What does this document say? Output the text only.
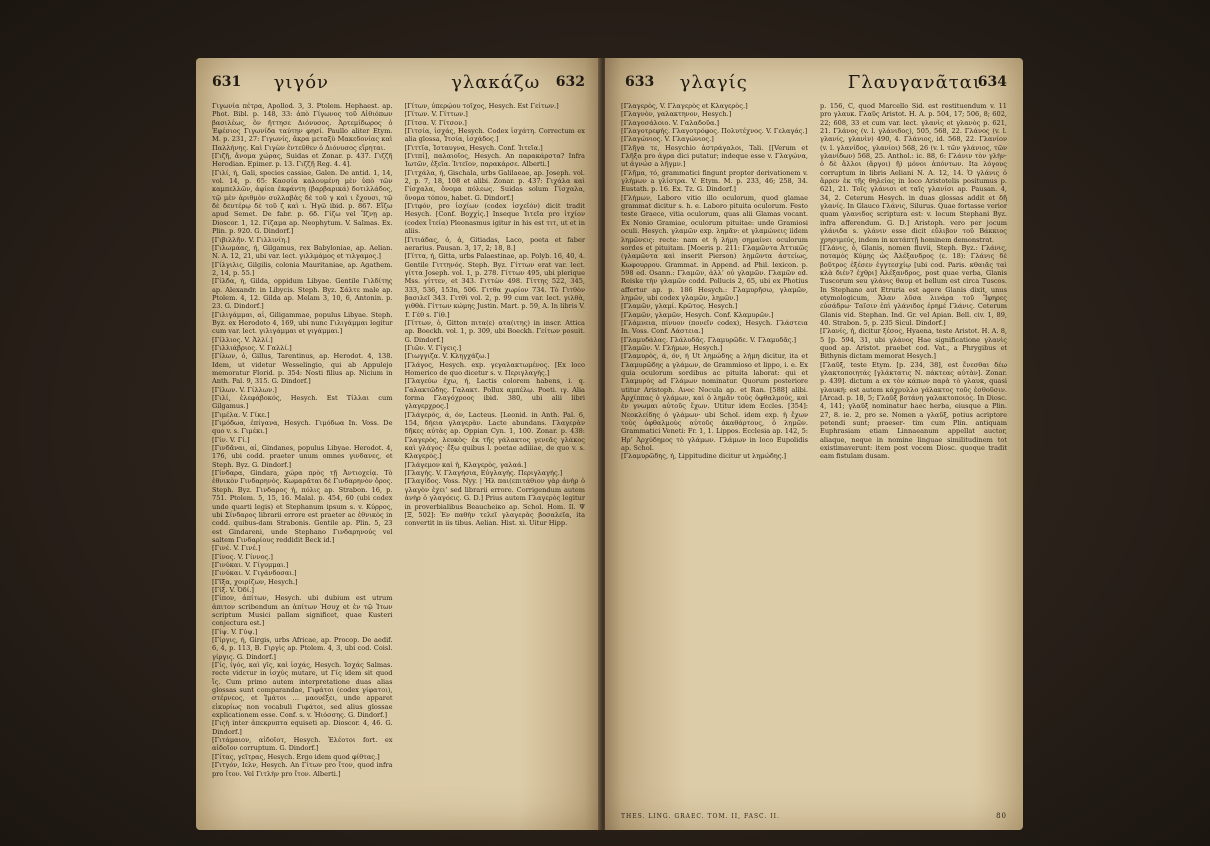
631	γιγόν	γλακάζω	632

Γιγωνία πέτρα, Apollod. 3, 3. Ptolem. Hephaest. ap. Phot. Bibl. p. 148, 33: ἀπὸ Γίγωνος τοῦ Αἰθιόπων βασιλέως, ὃν ἤττησε Διόνυσος. Ἀρτεμίδωρος ὁ Ἐφέσιος Γιγωνίδα ταύτην φησί. Paullo aliter Etym. M. p. 231, 27: Γιγωνίς, ἄκρα μεταξὺ Μακεδονίας καὶ Παλλήνης. Καὶ Γιγὼν ἐντεῦθεν ὁ Διόνυσος εἴρηται.

[Γιζῆ, ἄνομα χώρας, Suidas et Zonar. p. 437. Γιζζῆ Herodian. Epimer. p. 13. Γιζζῆ Reg. 4. 4].

[Γιλί, ή, Gali, species cassiae, Galen. De antid. 1, 14, vol. 14, p. 65: Κασσία καλουμένη μὲν ὑπὸ τῶν καμπελλῶν, ἀφίεα ἐκφάντη (βαρβαρικά) δοτιλλάδος, τῷ μὲν ἀριθμὸν συλλαβὰς δὲ τοῦ γ καὶ ι ἔχουσι, τῷ δὲ δευτέρῳ δὲ τοῦ ζ καὶ ι. Ἠγῶ ibid. p. 867. Εἴζω apud Semet. De fabr. p. 6δ. Γίζω vel Ἴζνῃ ap. Dioscor. 1, 12. Γίζαμα ap. Neophytum. V. Salmas. Ex. Plin. p. 920. G. Dindorf.]

[Γιβιλλῆν. V. Γιλλινίη.]

[Γιλωμάας, ή, Gilgamus, rex Babyloniae, ap. Aelian. N. A. 12, 21, ubi var. lect. γιλλμάμος et τιλγαμος.]

[Γίλγιλις, Gilgilis, colonia Mauritaniae, ap. Agathem. 2, 14, p. 55.]

[Γίλδα, ή, Gilda, oppidum Libyae. Gentile Γιλδίτης ap. Alexandr. in Libycis. Steph. Byz. Σάλτε male ap. Ptolem. 4, 12. Gilda ap. Melam 3, 10, 6, Antonin. p. 23. G. Dindorf.]

[Γιλιγάμμαι, αἱ, Giligammae, populus Libyae. Steph. Byz. ex Herodoto 4, 169, ubi nunc Γιλιγάμμαι legitur cum var. lect. γιλιγάμμαι et γιγάμμαι.]

[Γίλλιος. V. Ἀλλί.]

[Γιλλιάβριος. V. Γαλλί.]

[Γίλων, ὁ, Gillus, Tarentinus, ap. Herodot. 4, 138. Idem, ut videtur Wesselingio, qui ab Appulejo memoratur Florid. p. 354: Nosti filius ap. Nicium in Anth. Pal. 9, 315. G. Dindorf.]

[Γίλων. V. Γίλλων.]

[Γιλί, ἐλεφάβοκός, Hesych. Est Τίλλαι cum Gilgamus.]

[Γιμέλα. V. Γίκε.]

[Γιμόδωα, ἐπίγανα, Hesych. Γιμόδωα In. Voss. De quo v. s. Γιμέκι.]

[Γίν. V. Γί.]

[Γινδᾶναι, αἱ, Gindanes, populus Libyae. Herodot. 4, 176, ubi codd. praeter unum omnes γινδανες, et Steph. Byz. G. Dindorf.]

[Γίνδαρα, Gindara, χώρα πρὸς τῇ Ἀντιοχείᾳ. Τὸ ἐθνικὸν Γινδαρηνὸς. Κωμαρᾶται δὲ Γινδαρηνὸν ὄρος. Steph. Byz. Γινδαρος ἡ, πόλις ap. Strabon. 16, p. 751. Ptolem. 5, 15, 16. Malal. p. 454, 60 (ubi codex unde quarti legis) et Stephanum ipsum s. v. Κύρρος, ubi Σίνδαρος librarii errore est praeter ac ἐθνικὸς in codd. quibus-dam Strabonis. Gentile ap. Plin. 5, 23 est Gindareni, unde Stephano Γινδαρηνούς vel saltem Γινδαρίους reddidit Beck id.]

[Γινέ. V. Γινέ.]

[Γίνος. V. Γίννος.]

[Γινύκαι. V. Γίγυμμαι.]

[Γινύκαι. V. Γιγάνδοσαι.]

[Γῖξα, χοιρίζων, Hesych.]

[Γίξ. V. Ὀδί.]

[Γίπον, ἀπίτων, Hesych. ubi dubium est utrum ἀπιτον scribendum an ἀπίτων Ἡσυχ et ἐν τῷ Ἰτων scriptum Musici pallam significet, quae Kusteri conjectura est.]

[Γίψ. V. Γύψ.]

[Γίργις, ή, Girgis, urbs Africae, ap. Procop. De aedif. 6, 4, p. 113, B. Γιργὶς ap. Ptolem. 4, 3, ubi cod. Coisl. γίργις. G. Dindorf.]

[Γίς, ίγός, καὶ γῖς, καὶ ἰσχάς, Hesych. Ἰσχάς Salmas. recte vidετur in ἰσχὺς mutare, ut Γίς idem sit quod ἴς. Cum primo autem interpretatione duas alias glossas sunt comparandae, Γιφάτοι (codex γίφατοι), στέρνεος, et Ἰμάτοι ... μαουέξει, unde apparet εἰκυρίως non vocabuli Γιφάτοι, sed alius glossae explicationem esse. Conf. s. v. Ἡιόσσης. G. Dindorf.]

[Γιςὴ inter ἀπεκρυπτα equiseti ap. Dioscor. 4, 46. G. Dindorf.]

[Γιτάμαιον, αἰδοῖοτ, Hesych. Ἐλέοτοι fort. ex αἰδοῖον corruptum. G. Dindorf.]

[Γίτας, γεῖτρας, Hesych. Ergo idem quod φίθτας.]

[Γιτγόν, Ιελν, Hesych. An Γίτων pro ἴτον, quod infra pro ἴτον. Vel Γιτλὴν pro ἴτον. Alberti.]

[Γίτων, ὑπερῴου τοῖχος, Hesych. Est Γείτων.]

[Γίτων. V. Γίττων.]

[Γίτσα. V. Γίτσον.]

[Γιτσία, ἰσχάς, Hesych. Codex ἰσχάτη. Correctum ex alia glossa, Ἰτσία, ἰσχάδος.]

[Γιττῖα, Ἰσταυγνα, Hesych. Conf. Ἰιτεῖα.]

[Γιτπί], παλαιοῖος, Hesych. An παρακάρστα? Infra Ἰωτῶν, ἐξεῖα. Ἰιτεῖον, παρακάρσε. Alberti.]

[Γιτχάλα, ή, Gischala, urbs Galilaeae, ap. Joseph. vol. 2, p. 7, 18, 108 et alibi. Zonar. p. 437: Γιχάλα καὶ Γίσχαλα, ὄνομα πόλεως. Suidas solum Γίσχαλα, ὄνομα τόπου, habet. G. Dindorf.]

[Γιτφόν, pro ἰσχίων (codex ἰσχεῖόν) dicit tradit Hesych. [Conf. Βοχχίς.] Inseque Ἰιτεῖα pro ἰτχίον (codex ἴτεία) Pleonasmus igitur in his est τιτ, ut et in aliis.

[Γιτιάδας, ὁ, ἁ, Gitiadas, Laco, poeta et faber aerarius. Pausan. 3, 17, 2; 18, 8.]

[Γίττα, ή, Gitta, urbs Palaestinae, ap. Polyb. 16, 40, 4. Gentile Γιττηνός. Steph. Byz. Γίττων erat var. lect. γίττα Joseph. vol. 1, p. 278. Γίττων 495, ubi plerique Mss. γίττεν, et 343. Γιττὼν 498. Γίττης 522, 345, 333, 536, 153n, 506. Γιτθα χωρίον 734. Τὸ Γιτθὸν βασιλεῖ 343. Γιτθὶ vol. 2, p. 99 cum var. lect. γιλθὰ, γιθθὰ. Γίττων κώμης Justin. Mart. p. 59, A. In libris V. T. Γέθ s. Γίθ.]

[Γίττων, ὁ, Gitton πιτα(ε) ατα(ιτης) in inscr. Attica ap. Boeckh. vol. 1, p. 309, ubi Boeckh. Γείτων posuit. G. Dindorf.]

[Γιῶν. V. Γίγεις.]

[Γιωγγιζα. V. Κληγχάζω.]

[Γλάγος, Hesych. exp. γεγαλακτωμένος. [Ex loco Homerico de quo dicetur s. v. Περιγλαγής.]

[Γλαγεύω ἐχω, ή, Lactis colorem habens, i. q. Γαλακτῶδης. Γαλακτ. Pollux αμπέλῳ. Poeti. ιγ. Alia forma Γλαγόχροος ibid. 380, ubi alii libri γλαγερχρος.]

[Γλάγερός, ά, όν, Lacteus. [Leonid. in Anth. Pal. 6, 154, δήεια γλαγερὰν. Lacte abundans. Γλαγερὰν δῆκες αὐτὰς ap. Oppian Cyn. 1, 100. Zonar. p. 438: Γλαγερὸς, λευκὸς· ἐκ τῆς γάλακτος γενεᾶς γλάκος καὶ γλάγος· ἔξω quibus l. poetae adiiiae, de quo v. s. Κλαγερὸς.]

[Γλάγεμον καὶ ἡ, Κλαγερὸς, γαλαά.]

[Γλαγής. V. Γλαγήσια, Εὐγλαγής. Περιγλαγής.]

[Γλαγίδος. Voss. Nyy. | Ἡλ παι(επιτάθιον γὰρ ἀνὴρ ὁ γλαγὸν ἐχει’ sed librarii errore. Corrigendum autem ἀνὴρ ὁ γλαγόεις. G. D.] Prius autem Γλαγερὸς legitur in proverbialibus Beaucheiκo ap. Schol. Hom. Il. Ψ [Ξ, 502]: Ἐν παθὴν τελεῖ γλαγερὰς βοσαλεῖα, ita convertit in iis tibus. Aelian. Hist. xi. Uitur Hipp.

633	γλαγίς	Γλαυγανᾶται
634

[Γλαγερὸς, V. Γλαγερὸς et Κλαγερὸς.]

[Γλαγνὸν, γαλακτηνον, Hesych.]

[Γλαγοσάλοιο. V. Γαλαδοῦα.]

[Γλαγοτρεφής. Γλαγοτρόφος. Πολυτέχνος. V. Γελαγάς.]

[Γλαγώνιος. V. Γλαγώνιος.]

[Γλῆγα τε, Hesychio ἀστράγαλοι, Tali. [[Verum et Γλῆξα pro ἀγρα dici putatur; indeque esse v. Γλαγώνα, ut ἀγνώσ a λῆγμν.]

[Γλῆμα, τό, grammatici fingunt propter derivationem v. γλήμων a γλίστρα. V. Etym. M. p. 233, 46; 258, 34. Eustath. p. 16. Ex. Tz. G. Dindorf.]

[Γλήμων, Laborο vitio illo oculorum, quod glamae grammat dicitur s. h. e. Laborο pituita oculorum. Festo teste Graece, vitia oculorum, quas alii Glamas vocant. Ex Nonio Gramiae, oculorum pituitae: unde Gramiosi oculi. Hesych. γλαμῶν exp. λημᾶν: et γλαμώνεις iidem λημῶνεις: recte: nam et ἡ λήμη σημαίνει oculorum sordes et pituitam. [Moeris p. 211: Γλαμῶντα Ἀττικῶς (γλαμῶντα καὶ inserit Pierson) λημῶντα ἀστείως, Κωφουρρου. Grammat. in Append. ad Phil. lexicon. p. 598 ed. Osann.: Γλαμῶν, ἀλλ’ οὐ γλαμῶν. Γλαμῶν ed. Reiske τὴν γλαμῶν codd. Pollucis 2, 65, ubi ex Photius affertur ap. p. 186 Hesych.: Γλαμυρῆσω, γλαμῶν, λημῶν, ubi codex γλαμῶν, λημῶν.]

[Γλαμῶν, γλαμί. Κρῶτος. Hesych.]

[Γλαμῶν, γλαμῶν, Hesych. Conf. Κλαμυρῶν.]

[Γλάμνεια, πίνυον (πονεῖν codex), Hesych. Γλάστεια In. Voss. Conf. Λάστεια.]

[Γλαμυδάλας. Γλάλυδᾶς. Γλαμυρῶδε. V. Γλαμυδᾶς.]

[Γλαμῶν. V. Γλήμων, Hesych.]

[Γλαμυρὸς, ά, όν, ή Ut λημώδης a λήμη dicitur, ita et Γλαμυρῶδης a γλάμων, de Grammiosο et lippo, i. e. Ex quia oculorum sordibus ac pituita laborat: qui et Γλαμυρὸς ad Γλάμων nominatur. Quorum posteriore utitur Aristoph. Aνec Nοcula ap. et Ran. [588] alibi. Ἀρχίππας ὁ γλάμων, καὶ ὁ λημᾶν τοὺς ὀφθαλμούς, καὶ ἐν γνωμαι αὐτοῦς ἔχων. Utitur idem Eccles. [354]: Νεοκλείδης ὁ γλάμων· ubi Schol. idem exp. ἡ ἔχων τοὺς ὀφθαλμοὺς αὐτοῦς ἀκαθάρτους, ὁ λημῶν. Grammatici Veneti: Fr. 1, 1. Lippos. Ecclesia ap. 142, 5: Ηρ’ Ἀρχύδημος τὸ γλάμων. Γλάμων in loco Eupolidis ap. Schol.

[Γλαμυρῶδης, ή, Lippitudinе dicitur ut λημώδης.]

p. 156, C, quod Marcello Sid. est restituendum v. 11 pro γλαυκ. Γλαῦς Aristot. H. A. p. 504, 17; 506, 8; 602, 22; 608, 33 et cum var. lect. γλανὶς et γλανὸς p. 621, 21. Γλάνος (v. l. γλάνιδος), 505, 568, 22. Γλάνος (v. l. γλανίς, γλανὶν) 490, 4. Γλάνιος, id. 568, 22. Γλανίον (v. l. γλανίδος, γλανίοι) 568, 26 (v. l. τῶν γλάνιος, τῶν γλανίδων) 568, 25. Anthol.: ic. 88, 6: Γλάνιν τὸν γλὴν· ὁ δὲ ἄλλοι (ἄργοι) ἤ) μόνοι ἀπόντων. Ita λόγους corruptum in libris Aeliani N. A. 12, 14. Ὁ γλάνις ὁ ἄρρεν ἐκ τῆς θηλείας in loco Aristotelis positumus p. 621, 21. Τοῖς γλάνισι et ταῖς γλανίσι ap. Pausan. 4, 34, 2. Ceterum Hesych. in duas glossas addit et δῆ γλανίς. In Glauco Γλάνις, Silurus. Quae fortasse verior quam γλανιδος scriptura est: v. locum Stephani Byz. infra afferendum. G. D.] Aristoph. vero per jocum γλάνιδα s. γλάνιν esse dicit εὔλιβον τοῦ Βάκκιος χρησιμεύς, indem in κατάπτῇ hominem demonstrat.

[Γλάνις, ὁ, Glanis, nomen fluvii, Steph. Byz.: Γλάνις, ποταμὸς Κύμης ὡς Ἀλέξανδρος (ε. 18): Γλάνις δὲ βοῦτρος ἐξέσεν ἐγγτεσχίῳ [ubi cod. Paris. κθαιᾶς ταὶ κλὰ διέν? ἐχθρι] Ἀλέξανδρος, post quae verba, Glanis Tuscorum seu γλάνις θαυμ et bellum est circa Tuscos. In Stephano aut Etruria est agere Glanis dixit, unus etymologicum, Ἄλαν λῦσα λινάρα τοῦ Ἴφηρες εὐσάδρω· Ταῖσιν ἐπὶ γλάνιδος ἐρημέ Γλάνις. Ceterum Glanis vid. Stephan. Ind. Gr. vel Apian. Bell. civ. 1, 89, 40. Strabon. 5, p. 235 Sicul. Dindorf.]

[Γλανίς, ἡ, dicitur ξέσος, Hyaena, teste Aristot. H. A. 8, 5 [p. 594, 31, ubi γλάνος Hae significatione γλανὶς quod ap. Aristot. praebet cod. Vat., a Phrygibus et Bithynis dictam memorat Hesych.]

[Γλαῦξ, teste Etym. [p. 234, 38], est ἔνεσθαι δέω γλακτοποιητάς [γλάκτατις Ν. πάκτεας αὐτὰν]. Zonar. p. 439]. dictum a ex τὸν κάπων παρὰ τὸ γλαυκ, quasi γλαυκή: est autem κάχρυλλο γάλακτος τοῦς ἐσθοῦσιν. [Arcad. p. 18, 5; Γλαῦξ βοτάνη γαλακτοποιὸς. In Diosc. 4, 141; γλαῦξ nominatur haec herba, eiusque a Plin. 27, 8. ie. 2, pro se. Nomen a γλαῦξ, potius acriptore petendi sunt; praeser- tim cum Plin. antiquam Euphrasiam etiam Linnaeanum appellat auctor, aliaque, neque in nomine linguae similitudinem tot existimaverunt: item post vocem Diosc. quoque tradit eam fistulam dusam.

THES. LING. GRAEC. TOM. II, FASC. II.	80
